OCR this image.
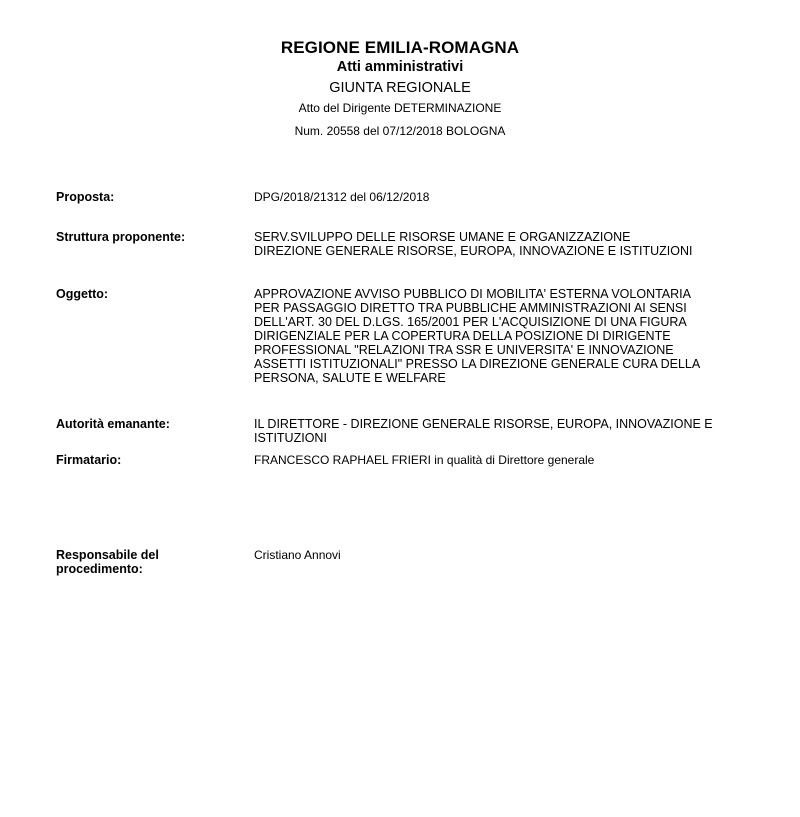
REGIONE EMILIA-ROMAGNA
Atti amministrativi
GIUNTA REGIONALE
Atto del Dirigente DETERMINAZIONE
Num. 20558 del 07/12/2018 BOLOGNA
Proposta:	DPG/2018/21312 del 06/12/2018
Struttura proponente:	SERV.SVILUPPO DELLE RISORSE UMANE E ORGANIZZAZIONE
DIREZIONE GENERALE RISORSE, EUROPA, INNOVAZIONE E ISTITUZIONI
Oggetto:	APPROVAZIONE AVVISO PUBBLICO DI MOBILITA' ESTERNA VOLONTARIA
PER PASSAGGIO DIRETTO TRA PUBBLICHE AMMINISTRAZIONI AI SENSI
DELL'ART. 30 DEL D.LGS. 165/2001 PER L'ACQUISIZIONE DI UNA FIGURA
DIRIGENZIALE PER LA COPERTURA DELLA POSIZIONE DI DIRIGENTE
PROFESSIONAL "RELAZIONI TRA SSR E UNIVERSITA' E INNOVAZIONE
ASSETTI ISTITUZIONALI" PRESSO LA DIREZIONE GENERALE CURA DELLA
PERSONA, SALUTE E WELFARE
Autorità emanante:	IL DIRETTORE - DIREZIONE GENERALE RISORSE, EUROPA, INNOVAZIONE E
ISTITUZIONI
Firmatario:	FRANCESCO RAPHAEL FRIERI in qualità di Direttore generale
Responsabile del
procedimento:
Cristiano Annovi
